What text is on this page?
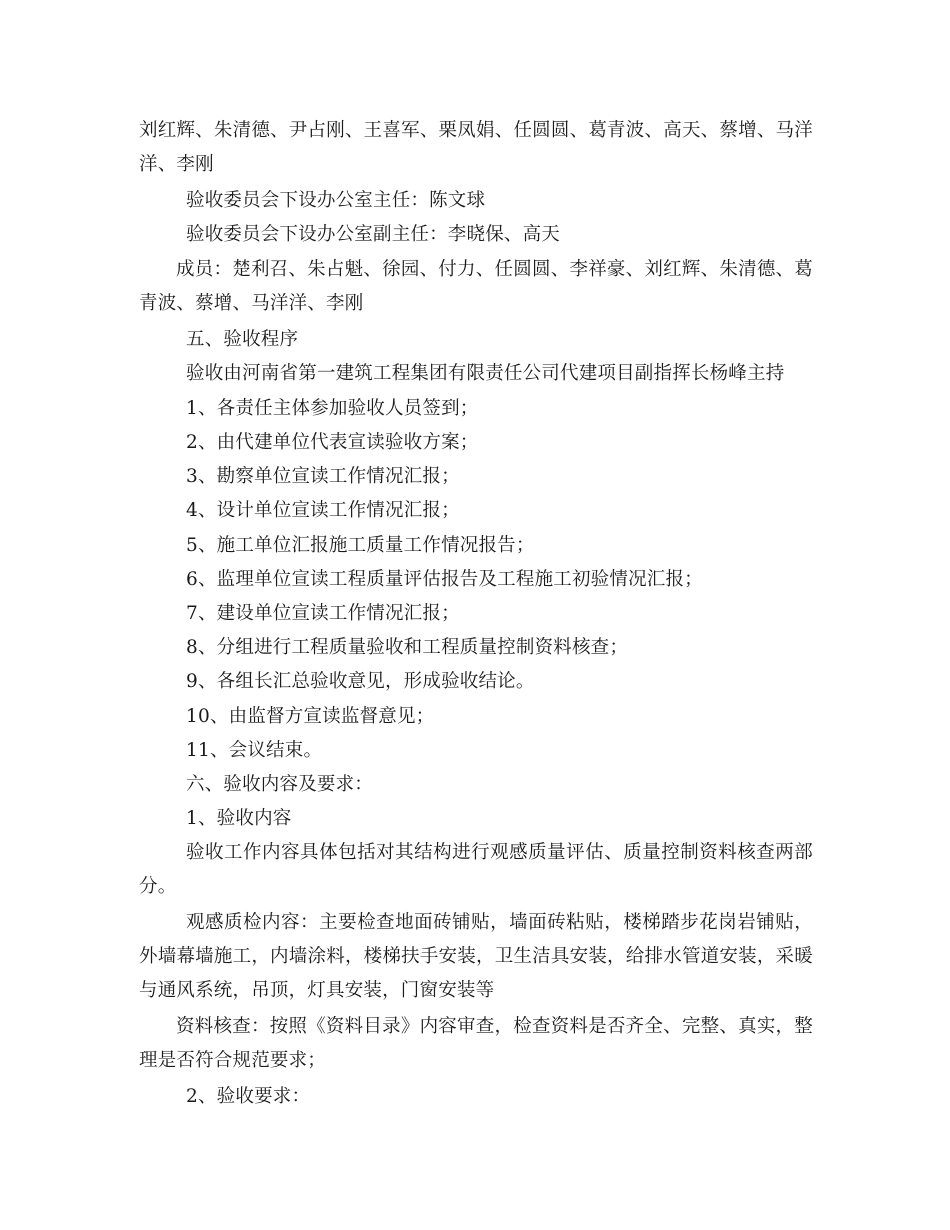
刘红辉、朱清德、尹占刚、王喜军、栗凤娟、任圆圆、葛青波、高天、蔡增、马洋洋、李刚
验收委员会下设办公室主任：陈文球
验收委员会下设办公室副主任：李晓保、高天
成员：楚利召、朱占魁、徐园、付力、任圆圆、李祥豪、刘红辉、朱清德、葛青波、蔡增、马洋洋、李刚
五、验收程序
验收由河南省第一建筑工程集团有限责任公司代建项目副指挥长杨峰主持
1、各责任主体参加验收人员签到；
2、由代建单位代表宣读验收方案；
3、勘察单位宣读工作情况汇报；
4、设计单位宣读工作情况汇报；
5、施工单位汇报施工质量工作情况报告；
6、监理单位宣读工程质量评估报告及工程施工初验情况汇报；
7、建设单位宣读工作情况汇报；
8、分组进行工程质量验收和工程质量控制资料核查；
9、各组长汇总验收意见，形成验收结论。
10、由监督方宣读监督意见；
11、会议结束。
六、验收内容及要求：
1、验收内容
验收工作内容具体包括对其结构进行观感质量评估、质量控制资料核查两部分。
观感质检内容：主要检查地面砖铺贴，墙面砖粘贴，楼梯踏步花岗岩铺贴，外墙幕墙施工，内墙涂料，楼梯扶手安装，卫生洁具安装，给排水管道安装，采暖与通风系统，吊顶，灯具安装，门窗安装等
资料核查：按照《资料目录》内容审查，检查资料是否齐全、完整、真实，整理是否符合规范要求；
2、验收要求：
